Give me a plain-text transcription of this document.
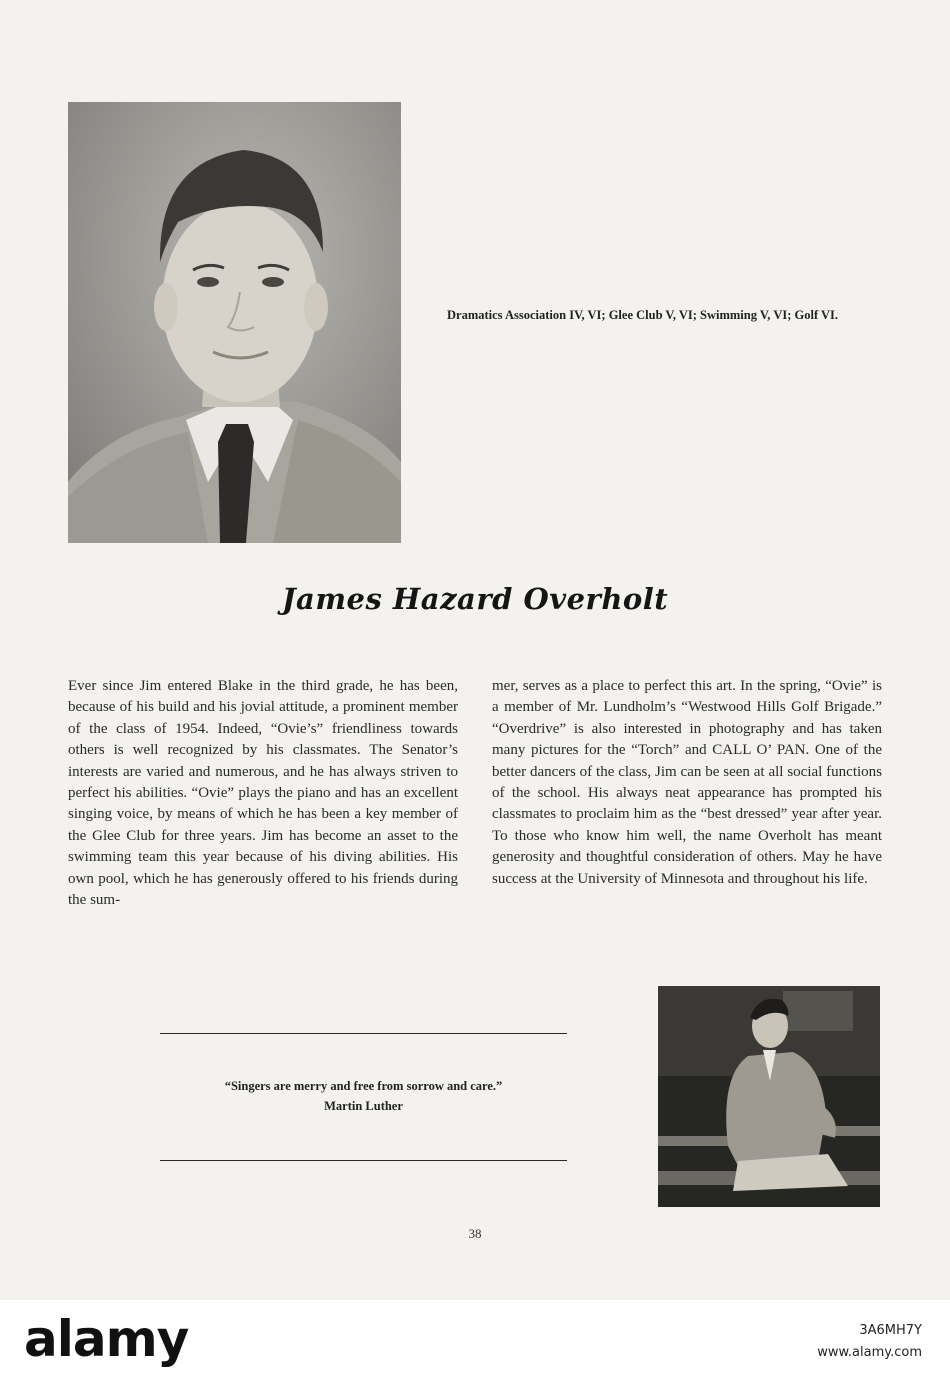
Dramatics Association IV, VI; Glee Club V, VI; Swimming V, VI; Golf VI.
James Hazard Overholt
Ever since Jim entered Blake in the third grade, he has been, because of his build and his jovial attitude, a prominent member of the class of 1954. Indeed, “Ovie’s” friendliness towards others is well recognized by his classmates. The Senator’s interests are varied and numerous, and he has always striven to perfect his abilities. “Ovie” plays the piano and has an excellent singing voice, by means of which he has been a key member of the Glee Club for three years. Jim has become an asset to the swimming team this year because of his diving abilities. His own pool, which he has generously offered to his friends during the sum-
mer, serves as a place to perfect this art. In the spring, “Ovie” is a member of Mr. Lundholm’s “Westwood Hills Golf Brigade.” “Overdrive” is also interested in photography and has taken many pictures for the “Torch” and CALL O’ PAN. One of the better dancers of the class, Jim can be seen at all social functions of the school. His always neat appearance has prompted his classmates to proclaim him as the “best dressed” year after year. To those who know him well, the name Overholt has meant generosity and thoughtful consideration of others. May he have success at the University of Minnesota and throughout his life.
“Singers are merry and free from sorrow and care.”
Martin Luther
38
alamy	3A6MH7Y
www.alamy.com
